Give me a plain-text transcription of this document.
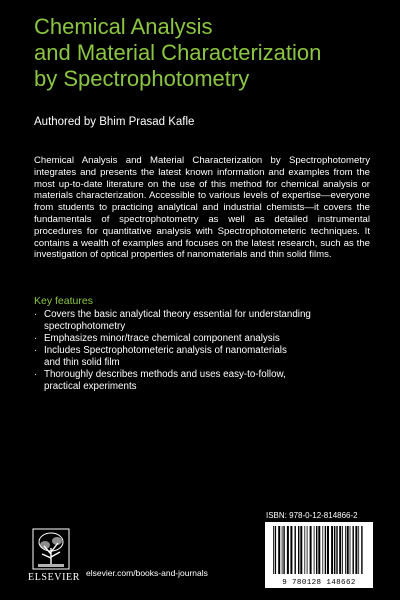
Chemical Analysis
and Material Characterization
by Spectrophotometry
Authored by Bhim Prasad Kafle
Chemical Analysis and Material Characterization by Spectrophotometry integrates and presents the latest known information and examples from the most up-to-date literature on the use of this method for chemical analysis or materials characterization. Accessible to various levels of expertise—everyone from students to practicing analytical and industrial chemists—it covers the fundamentals of spectrophotometry as well as detailed instrumental procedures for quantitative analysis with Spectrophotometeric techniques. It contains a wealth of examples and focuses on the latest research, such as the investigation of optical properties of nanomaterials and thin solid films.
Key features
· Covers the basic analytical theory essential for understanding
spectrophotometry
· Emphasizes minor/trace chemical component analysis
· Includes Spectrophotometeric analysis of nanomaterials
and thin solid film
· Thoroughly describes methods and uses easy-to-follow,
practical experiments
ELSEVIER elsevier.com/books-and-journals
ISBN: 978-0-12-814866-2
9 780128 148662
